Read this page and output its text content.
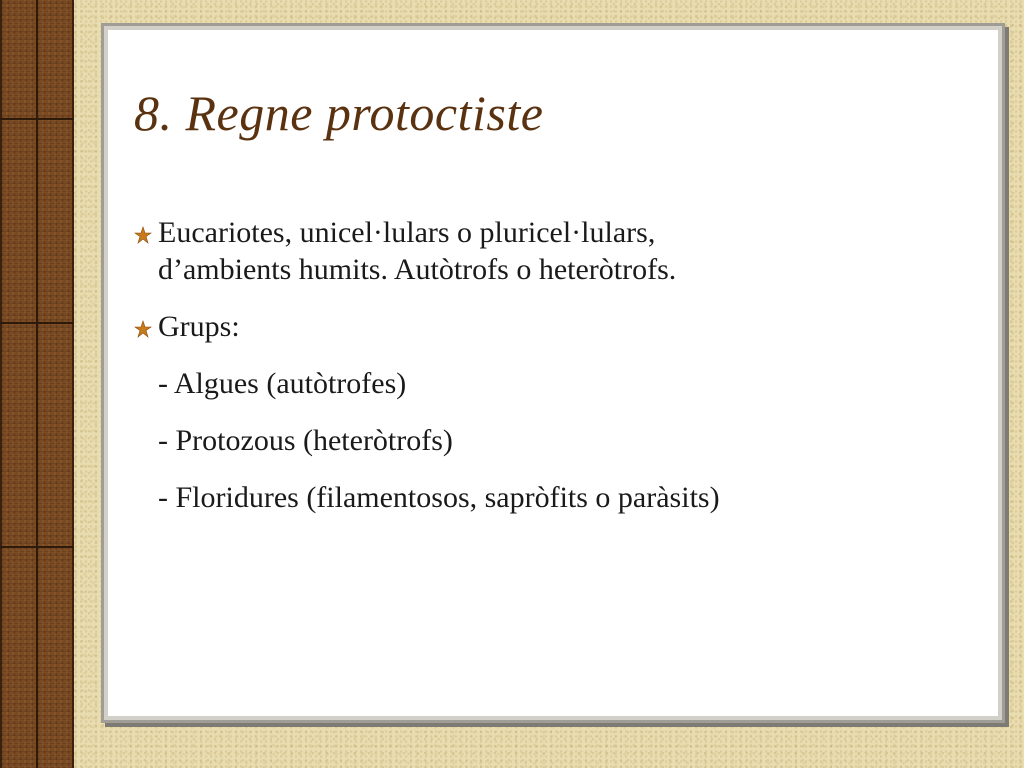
8. Regne protoctiste
Eucariotes, unicel·lulars o pluricel·lulars,
d’ambients humits. Autòtrofs o heteròtrofs.
Grups:
- Algues (autòtrofes)
- Protozous (heteròtrofs)
- Floridures (filamentosos, sapròfits o paràsits)
